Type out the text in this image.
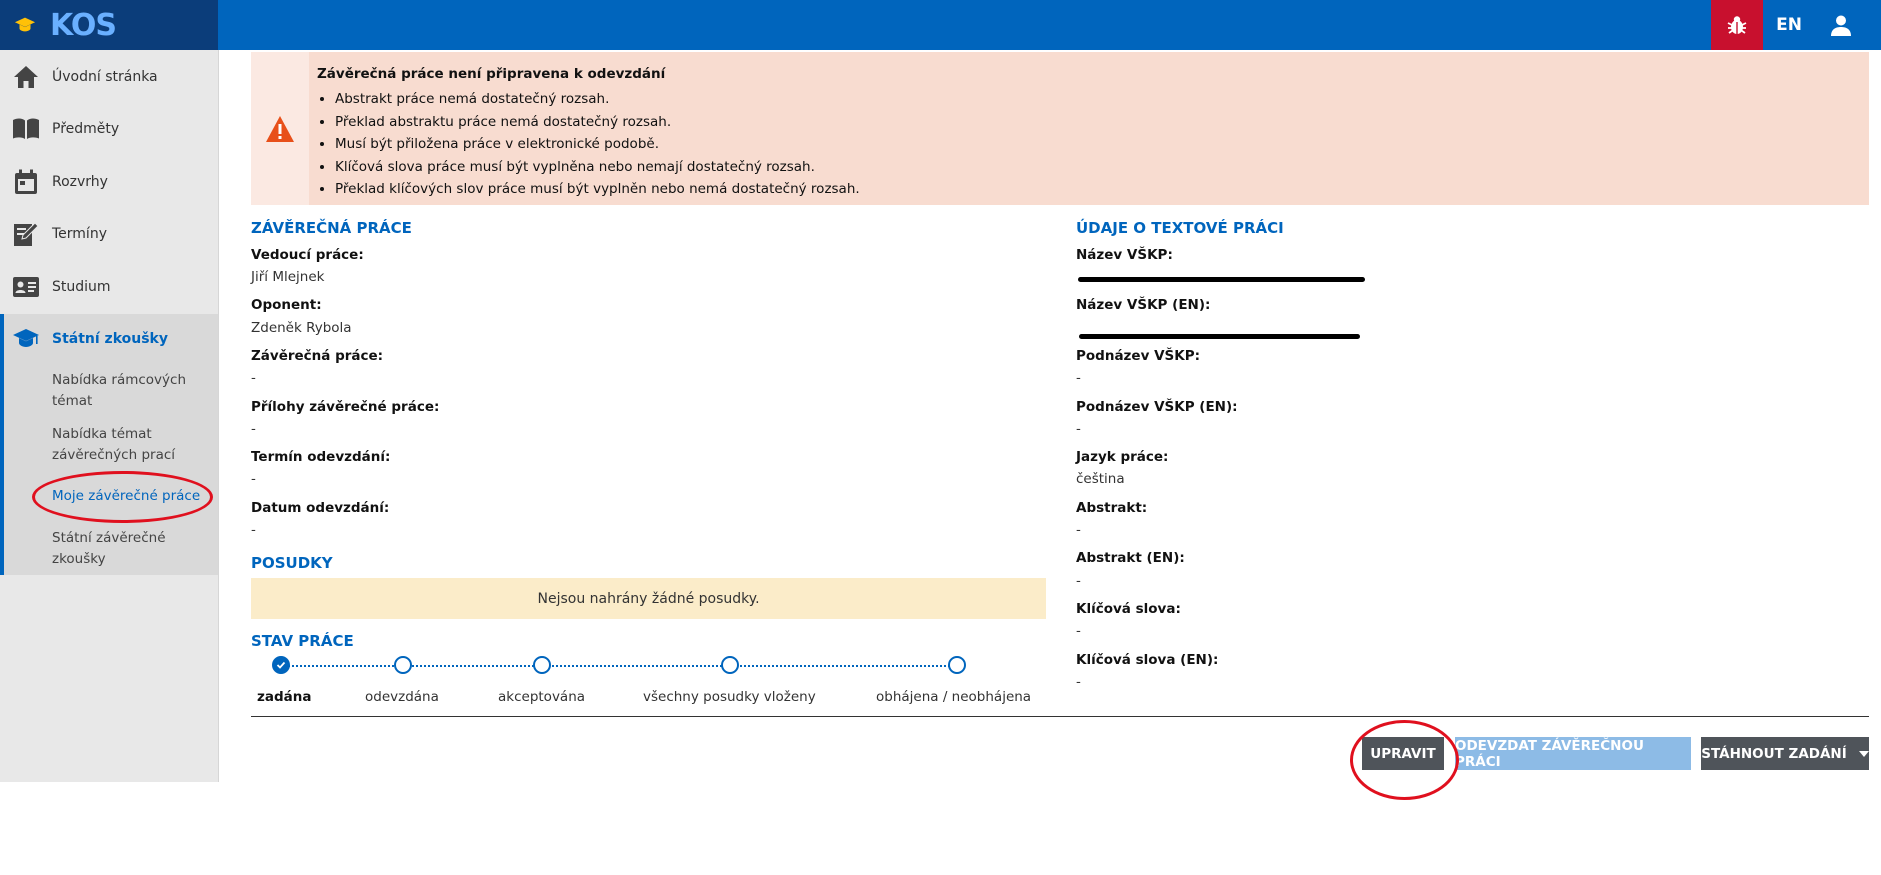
KOS	EN
Úvodní stránka
Předměty
Rozvrhy
Termíny
Studium
Státní zkoušky
Nabídka rámcových témat
Nabídka témat závěrečných prací
Moje závěrečné práce
Státní závěrečné zkoušky
Závěrečná práce není připravena k odevzdání
• Abstrakt práce nemá dostatečný rozsah.
• Překlad abstraktu práce nemá dostatečný rozsah.
• Musí být přiložena práce v elektronické podobě.
• Klíčová slova práce musí být vyplněna nebo nemají dostatečný rozsah.
• Překlad klíčových slov práce musí být vyplněn nebo nemá dostatečný rozsah.
ZÁVĚREČNÁ PRÁCE
Vedoucí práce:
Jiří Mlejnek
Oponent:
Zdeněk Rybola
Závěrečná práce:
-
Přílohy závěrečné práce:
-
Termín odevzdání:
-
Datum odevzdání:
-
POSUDKY
Nejsou nahrány žádné posudky.
STAV PRÁCE
zadána	odevzdána	akceptována	všechny posudky vloženy	obhájena / neobhájena
ÚDAJE O TEXTOVÉ PRÁCI
Název VŠKP:
Název VŠKP (EN):
Podnázev VŠKP:
-
Podnázev VŠKP (EN):
-
Jazyk práce:
čeština
Abstrakt:
-
Abstrakt (EN):
-
Klíčová slova:
-
Klíčová slova (EN):
-
UPRAVIT ODEVZDAT ZÁVĚREČNOU PRÁCI	STÁHNOUT ZADÁNÍ
